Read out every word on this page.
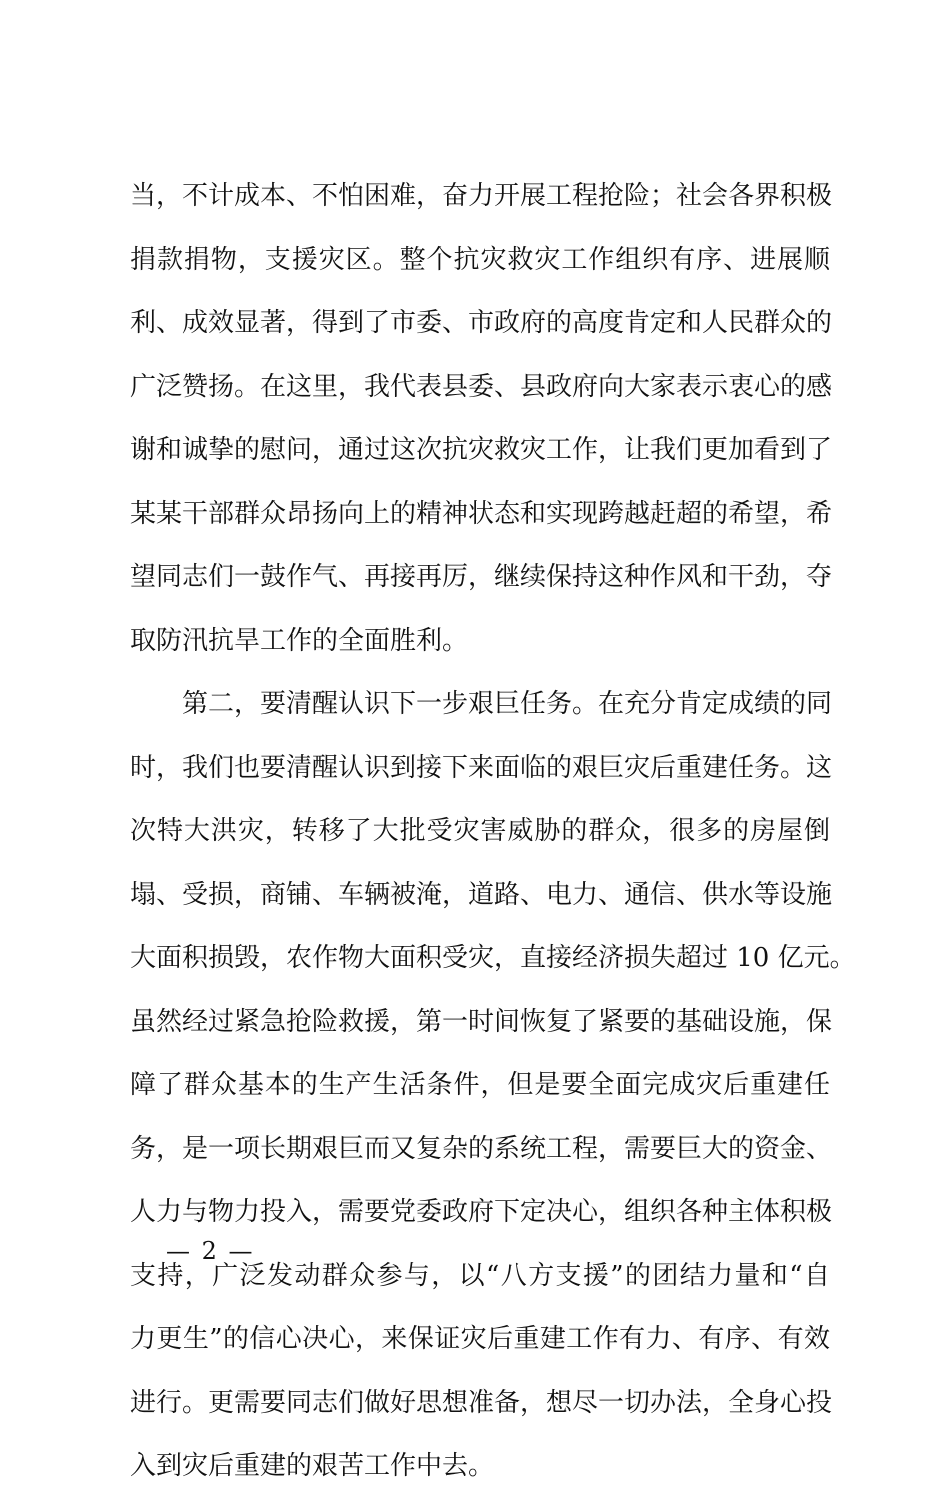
当，不计成本、不怕困难，奋力开展工程抢险；社会各界积极
捐款捐物，支援灾区。整个抗灾救灾工作组织有序、进展顺
利、成效显著，得到了市委、市政府的高度肯定和人民群众的
广泛赞扬。在这里，我代表县委、县政府向大家表示衷心的感
谢和诚挚的慰问，通过这次抗灾救灾工作，让我们更加看到了
某某干部群众昂扬向上的精神状态和实现跨越赶超的希望，希
望同志们一鼓作气、再接再厉，继续保持这种作风和干劲，夺
取防汛抗旱工作的全面胜利。
第二，要清醒认识下一步艰巨任务。在充分肯定成绩的同
时，我们也要清醒认识到接下来面临的艰巨灾后重建任务。这
次特大洪灾，转移了大批受灾害威胁的群众，很多的房屋倒
塌、受损，商铺、车辆被淹，道路、电力、通信、供水等设施
大面积损毁，农作物大面积受灾，直接经济损失超过 10 亿元。
虽然经过紧急抢险救援，第一时间恢复了紧要的基础设施，保
障了群众基本的生产生活条件，但是要全面完成灾后重建任
务，是一项长期艰巨而又复杂的系统工程，需要巨大的资金、
人力与物力投入，需要党委政府下定决心，组织各种主体积极
支持，广泛发动群众参与，以“八方支援”的团结力量和“自
力更生”的信心决心，来保证灾后重建工作有力、有序、有效
进行。更需要同志们做好思想准备，想尽一切办法，全身心投
入到灾后重建的艰苦工作中去。
— 2 —
